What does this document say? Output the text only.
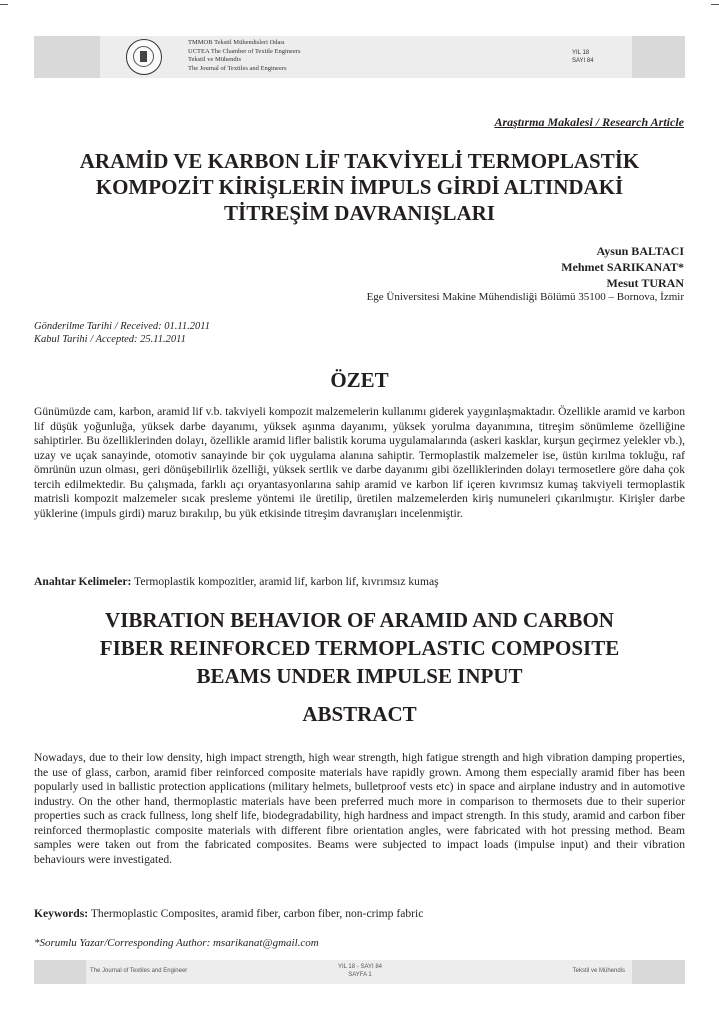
TMMOB Tekstil Mühendisleri Odası
UCTEA The Chamber of Textile Engineers
Tekstil ve Mühendis
The Journal of Textiles and Engineers
YIL 18
SAYI 84
Araştırma Makalesi / Research Article
ARAMİD VE KARBON LİF TAKVİYELİ TERMOPLASTİK
KOMPOZİT KİRİŞLERİN İMPULS GİRDİ ALTINDAKİ
TİTREŞİM DAVRANIŞLARI
Aysun BALTACI
Mehmet SARIKANAT*
Mesut TURAN
Ege Üniversitesi Makine Mühendisliği Bölümü 35100 – Bornova, İzmir
Gönderilme Tarihi / Received: 01.11.2011
Kabul Tarihi / Accepted: 25.11.2011
ÖZET

Günümüzde cam, karbon, aramid lif v.b. takviyeli kompozit malzemelerin kullanımı giderek yaygınlaşmaktadır. Özellikle aramid ve karbon lif düşük yoğunluğa, yüksek darbe dayanımı, yüksek aşınma dayanımı, yüksek yorulma dayanımına, titreşim sönümleme özelliğine sahiptirler. Bu özelliklerinden dolayı, özellikle aramid lifler balistik koruma uygulamalarında (askeri kasklar, kurşun geçirmez yelekler vb.), uzay ve uçak sanayinde, otomotiv sanayinde bir çok uygulama alanına sahiptir. Termoplastik malzemeler ise, üstün kırılma tokluğu, raf ömrünün uzun olması, geri dönüşebilirlik özelliği, yüksek sertlik ve darbe dayanımı gibi özelliklerinden dolayı termosetlere göre daha çok tercih edilmektedir. Bu çalışmada, farklı açı oryantasyonlarına sahip aramid ve karbon lif içeren kıvrımsız kumaş takviyeli termoplastik matrisli kompozit malzemeler sıcak presleme yöntemi ile üretilip, üretilen malzemelerden kiriş numuneleri çıkarılmıştır. Kirişler darbe yüklerine (impuls girdi) maruz bırakılıp, bu yük etkisinde titreşim davranışları incelenmiştir.

Anahtar Kelimeler: Termoplastik kompozitler, aramid lif, karbon lif, kıvrımsız kumaş
VIBRATION BEHAVIOR OF ARAMID AND CARBON
FIBER REINFORCED TERMOPLASTIC COMPOSITE
BEAMS UNDER IMPULSE INPUT
ABSTRACT

Nowadays, due to their low density, high impact strength, high wear strength, high fatigue strength and high vibration damping properties, the use of glass, carbon, aramid fiber reinforced composite materials have rapidly grown. Among them especially aramid fiber has been popularly used in ballistic protection applications (military helmets, bulletproof vests etc) in space and airplane industry and in automotive industry. On the other hand, thermoplastic materials have been preferred much more in comparison to thermosets due to their superior properties such as crack fullness, long shelf life, biodegradability, high hardness and impact strength. In this study, aramid and carbon fiber reinforced thermoplastic composite materials with different fibre orientation angles, were fabricated with hot pressing method. Beam samples were taken out from the fabricated composites. Beams were subjected to impact loads (impulse input) and their vibration behaviours were investigated.

Keywords: Thermoplastic Composites, aramid fiber, carbon fiber, non-crimp fabric
*Sorumlu Yazar/Corresponding Author: msarikanat@gmail.com
The Journal of Textiles and Engineer
YIL 18 - SAYI 84
SAYFA 1
Tekstil ve Mühendis
